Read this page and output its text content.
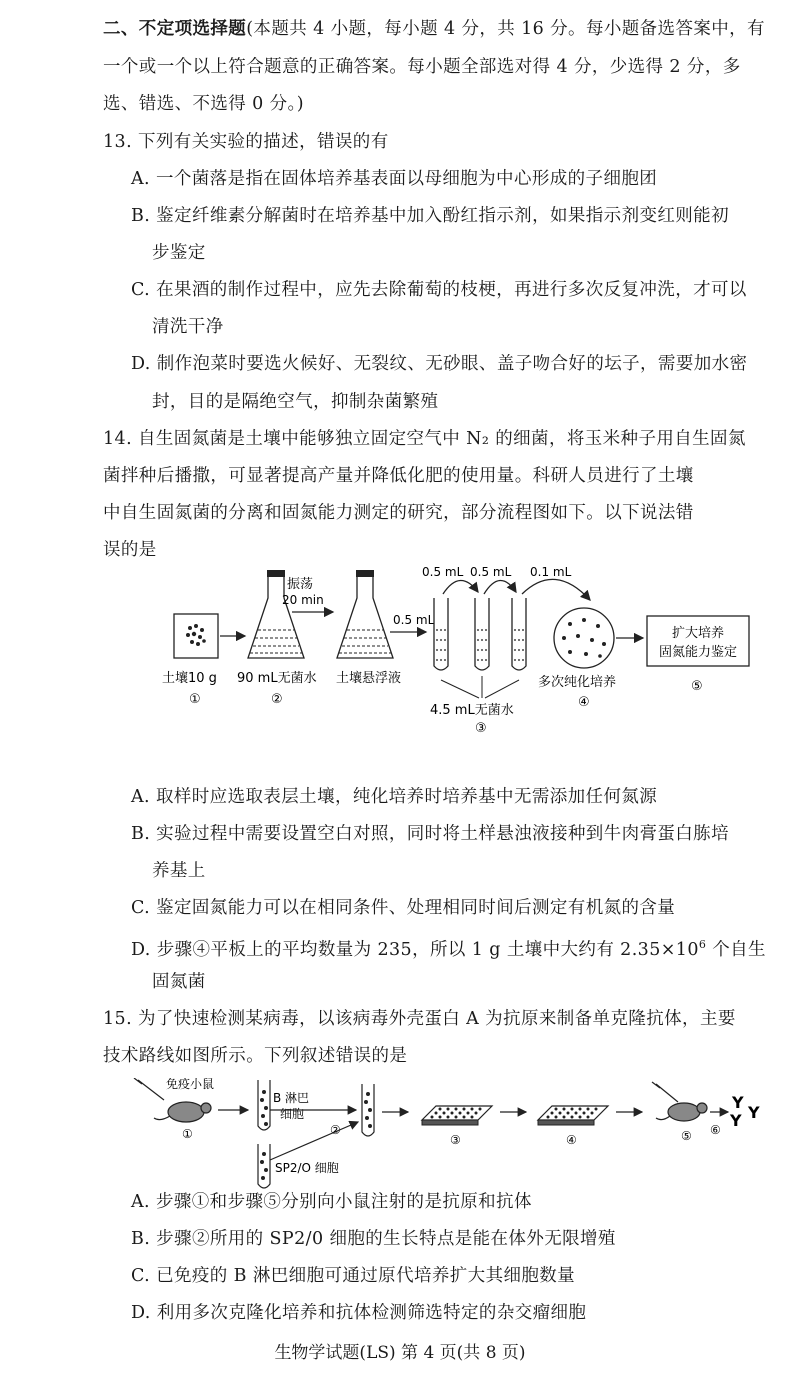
二、不定项选择题(本题共 4 小题，每小题 4 分，共 16 分。每小题备选答案中，有
一个或一个以上符合题意的正确答案。每小题全部选对得 4 分，少选得 2 分，多
选、错选、不选得 0 分。)
13. 下列有关实验的描述，错误的有
A. 一个菌落是指在固体培养基表面以母细胞为中心形成的子细胞团
B. 鉴定纤维素分解菌时在培养基中加入酚红指示剂，如果指示剂变红则能初
步鉴定
C. 在果酒的制作过程中，应先去除葡萄的枝梗，再进行多次反复冲洗，才可以
清洗干净
D. 制作泡菜时要选火候好、无裂纹、无砂眼、盖子吻合好的坛子，需要加水密
封，目的是隔绝空气，抑制杂菌繁殖
14. 自生固氮菌是土壤中能够独立固定空气中 N₂ 的细菌，将玉米种子用自生固氮
菌拌种后播撒，可显著提高产量并降低化肥的使用量。科研人员进行了土壤
中自生固氮菌的分离和固氮能力测定的研究，部分流程图如下。以下说法错
误的是
土壤10 g
①
90 mL无菌水
②
振荡
20 min
土壤悬浮液
0.5 mL
0.5 mL 0.5 mL 0.1 mL
4.5 mL无菌水
③
多次纯化培养
④
扩大培养
固氮能力鉴定
⑤
A. 取样时应选取表层土壤，纯化培养时培养基中无需添加任何氮源
B. 实验过程中需要设置空白对照，同时将土样悬浊液接种到牛肉膏蛋白胨培
养基上
C. 鉴定固氮能力可以在相同条件、处理相同时间后测定有机氮的含量
D. 步骤④平板上的平均数量为 235，所以 1 g 土壤中大约有 $2.35\times 10^6$ 个自生
固氮菌
15. 为了快速检测某病毒，以该病毒外壳蛋白 A 为抗原来制备单克隆抗体，主要
技术路线如图所示。下列叙述错误的是
免疫小鼠
①
B 淋巴
细胞
SP2/O 细胞
②
③	④	⑤ ⑥
Y
Y
Y
A. 步骤①和步骤⑤分别向小鼠注射的是抗原和抗体
B. 步骤②所用的 SP2/0 细胞的生长特点是能在体外无限增殖
C. 已免疫的 B 淋巴细胞可通过原代培养扩大其细胞数量
D. 利用多次克隆化培养和抗体检测筛选特定的杂交瘤细胞
生物学试题(LS) 第 4 页(共 8 页)
